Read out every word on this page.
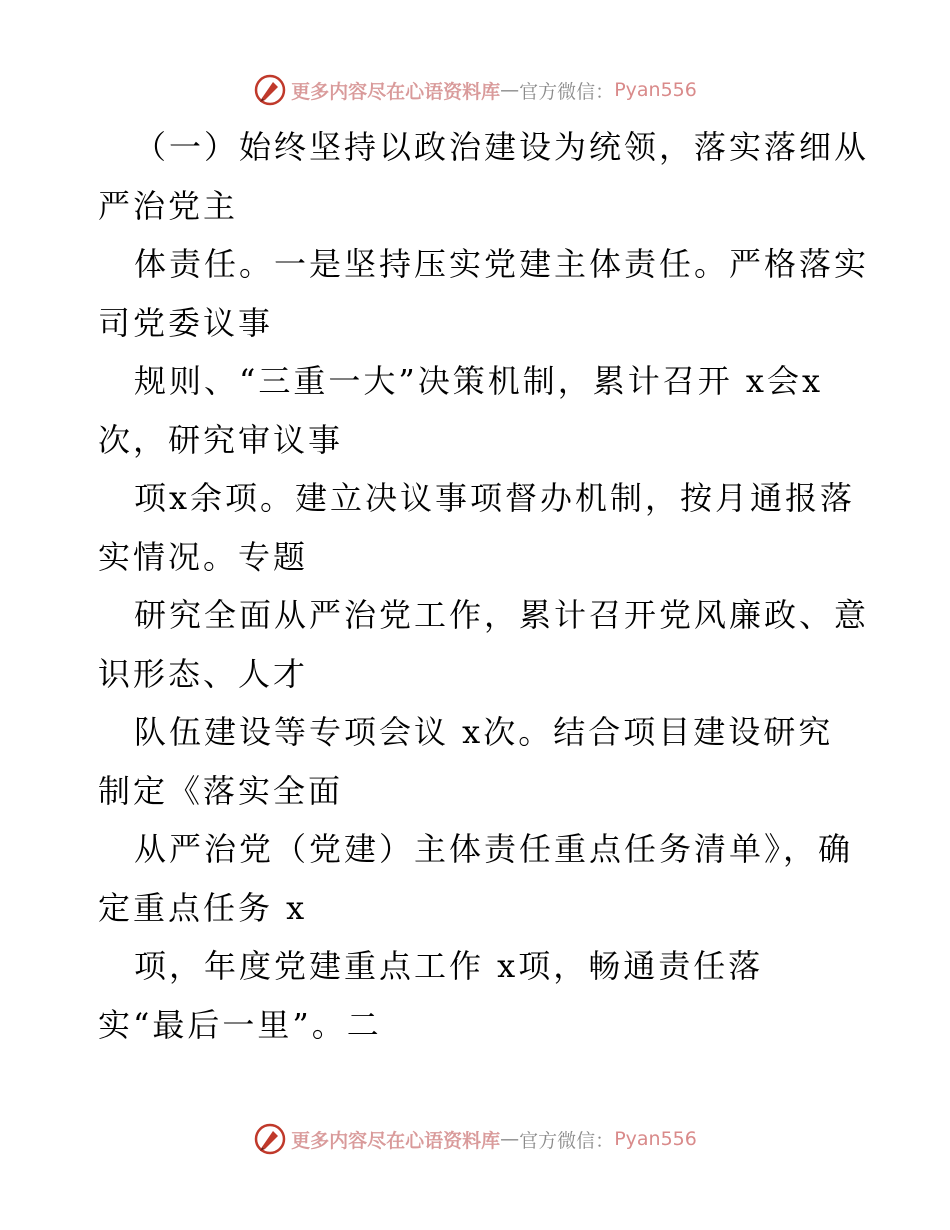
更多内容尽在心语资料库 — 官方微信： Pyan556
（一）始终坚持以政治建设为统领，落实落细从
严治党主
体责任。一是坚持压实党建主体责任。严格落实
司党委议事
规则、“三重一大”决策机制，累计召开 x会x
次，研究审议事
项x余项。建立决议事项督办机制，按月通报落
实情况。专题
研究全面从严治党工作，累计召开党风廉政、意
识形态、人才
队伍建设等专项会议 x次。结合项目建设研究
制定《落实全面
从严治党（党建）主体责任重点任务清单》，确
定重点任务 x
项，年度党建重点工作 x项，畅通责任落
实“最后一里”。二
更多内容尽在心语资料库 — 官方微信： Pyan556
